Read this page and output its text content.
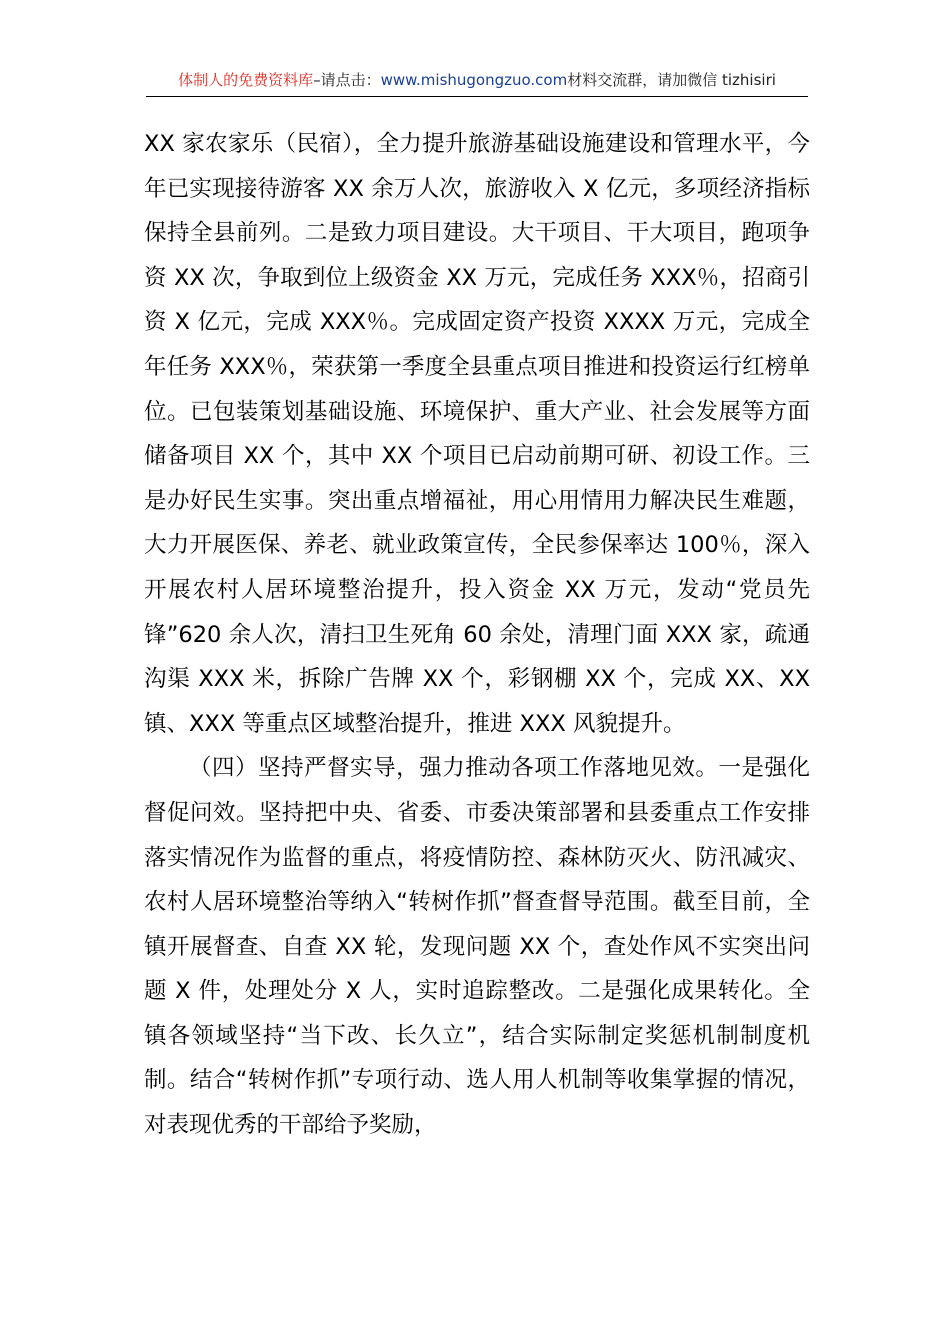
体制人的免费资料库–请点击：www.mishugongzuo.com材料交流群，请加微信 tizhisiri

XX 家农家乐（民宿），全力提升旅游基础设施建设和管理水平，今年已实现接待游客 XX 余万人次，旅游收入 X 亿元，多项经济指标保持全县前列。二是致力项目建设。大干项目、干大项目，跑项争资 XX 次，争取到位上级资金 XX 万元，完成任务 XXX％，招商引资 X 亿元，完成 XXX％。完成固定资产投资 XXXX 万元，完成全年任务 XXX％，荣获第一季度全县重点项目推进和投资运行红榜单位。已包装策划基础设施、环境保护、重大产业、社会发展等方面储备项目 XX 个，其中 XX 个项目已启动前期可研、初设工作。三是办好民生实事。突出重点增福祉，用心用情用力解决民生难题，大力开展医保、养老、就业政策宣传，全民参保率达 100％，深入开展农村人居环境整治提升，投入资金 XX 万元，发动“党员先锋”620 余人次，清扫卫生死角 60 余处，清理门面 XXX 家，疏通沟渠 XXX 米，拆除广告牌 XX 个，彩钢棚 XX 个，完成 XX、XX 镇、XXX 等重点区域整治提升，推进 XXX 风貌提升。

（四）坚持严督实导，强力推动各项工作落地见效。一是强化督促问效。坚持把中央、省委、市委决策部署和县委重点工作安排落实情况作为监督的重点，将疫情防控、森林防灭火、防汛减灾、农村人居环境整治等纳入“转树作抓”督查督导范围。截至目前，全镇开展督查、自查 XX 轮，发现问题 XX 个，查处作风不实突出问题 X 件，处理处分 X 人，实时追踪整改。二是强化成果转化。全镇各领域坚持“当下改、长久立”，结合实际制定奖惩机制制度机制。结合“转树作抓”专项行动、选人用人机制等收集掌握的情况，对表现优秀的干部给予奖励，
